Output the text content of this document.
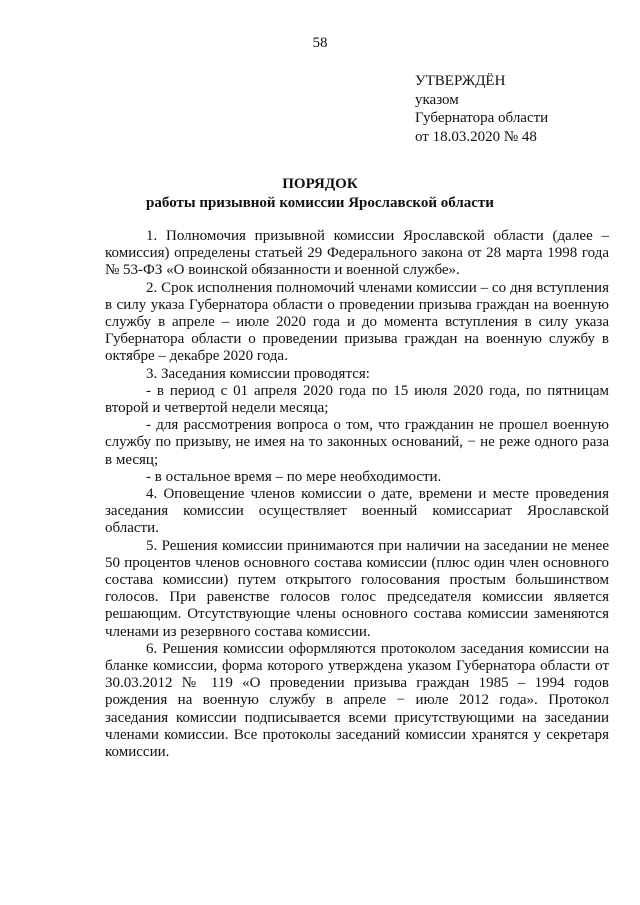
58
УТВЕРЖДЁН
указом
Губернатора области
от 18.03.2020 № 48
ПОРЯДОК
работы призывной комиссии Ярославской области

1. Полномочия призывной комиссии Ярославской области (далее – комиссия) определены статьей 29 Федерального закона от 28 марта 1998 года № 53-ФЗ «О воинской обязанности и военной службе».

2. Срок исполнения полномочий членами комиссии – со дня вступления в силу указа Губернатора области о проведении призыва граждан на военную службу в апреле – июле 2020 года и до момента вступления в силу указа Губернатора области о проведении призыва граждан на военную службу в октябре – декабре 2020 года.

3. Заседания комиссии проводятся:

- в период с 01 апреля 2020 года по 15 июля 2020 года, по пятницам второй и четвертой недели месяца;

- для рассмотрения вопроса о том, что гражданин не прошел военную службу по призыву, не имея на то законных оснований, − не реже одного раза в месяц;

- в остальное время – по мере необходимости.

4. Оповещение членов комиссии о дате, времени и месте проведения заседания комиссии осуществляет военный комиссариат Ярославской области.

5. Решения комиссии принимаются при наличии на заседании не менее 50 процентов членов основного состава комиссии (плюс один член основного состава комиссии) путем открытого голосования простым большинством голосов. При равенстве голосов голос председателя комиссии является решающим. Отсутствующие члены основного состава комиссии заменяются членами из резервного состава комиссии.

6. Решения комиссии оформляются протоколом заседания комиссии на бланке комиссии, форма которого утверждена указом Губернатора области от 30.03.2012 № 119 «О проведении призыва граждан 1985 – 1994 годов рождения на военную службу в апреле − июле 2012 года». Протокол заседания комиссии подписывается всеми присутствующими на заседании членами комиссии. Все протоколы заседаний комиссии хранятся у секретаря комиссии.
